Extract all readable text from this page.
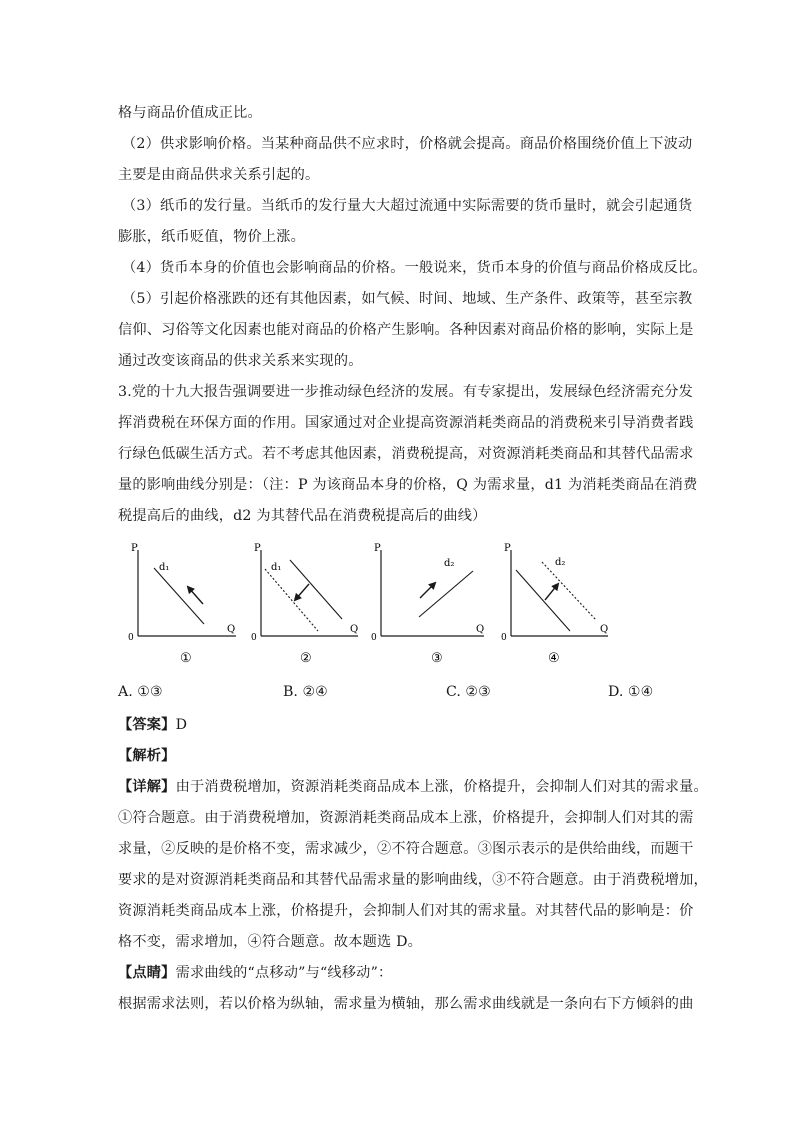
格与商品价值成正比。
（2）供求影响价格。当某种商品供不应求时，价格就会提高。商品价格围绕价值上下波动
主要是由商品供求关系引起的。
（3）纸币的发行量。当纸币的发行量大大超过流通中实际需要的货币量时，就会引起通货
膨胀，纸币贬值，物价上涨。
（4）货币本身的价值也会影响商品的价格。一般说来，货币本身的价值与商品价格成反比。
（5）引起价格涨跌的还有其他因素，如气候、时间、地域、生产条件、政策等，甚至宗教
信仰、习俗等文化因素也能对商品的价格产生影响。各种因素对商品价格的影响，实际上是
通过改变该商品的供求关系来实现的。
3.党的十九大报告强调要进一步推动绿色经济的发展。有专家提出，发展绿色经济需充分发
挥消费税在环保方面的作用。国家通过对企业提高资源消耗类商品的消费税来引导消费者践
行绿色低碳生活方式。若不考虑其他因素，消费税提高，对资源消耗类商品和其替代品需求
量的影响曲线分别是：（注：P 为该商品本身的价格，Q 为需求量，d1 为消耗类商品在消费
税提高后的曲线，d2 为其替代品在消费税提高后的曲线）
P
Q
0
d₁
①
P
Q
0
d₁
②
P
Q
0
d₂
③
P
Q
0
d₂
④
A. ①③	B. ②④	C. ②③	D. ①④
【答案】D
【解析】
【详解】由于消费税增加，资源消耗类商品成本上涨，价格提升，会抑制人们对其的需求量。
①符合题意。由于消费税增加，资源消耗类商品成本上涨，价格提升，会抑制人们对其的需
求量，②反映的是价格不变，需求减少，②不符合题意。③图示表示的是供给曲线，而题干
要求的是对资源消耗类商品和其替代品需求量的影响曲线，③不符合题意。由于消费税增加，
资源消耗类商品成本上涨，价格提升，会抑制人们对其的需求量。对其替代品的影响是：价
格不变，需求增加，④符合题意。故本题选 D。
【点睛】需求曲线的“点移动”与“线移动”：
根据需求法则，若以价格为纵轴，需求量为横轴，那么需求曲线就是一条向右下方倾斜的曲
